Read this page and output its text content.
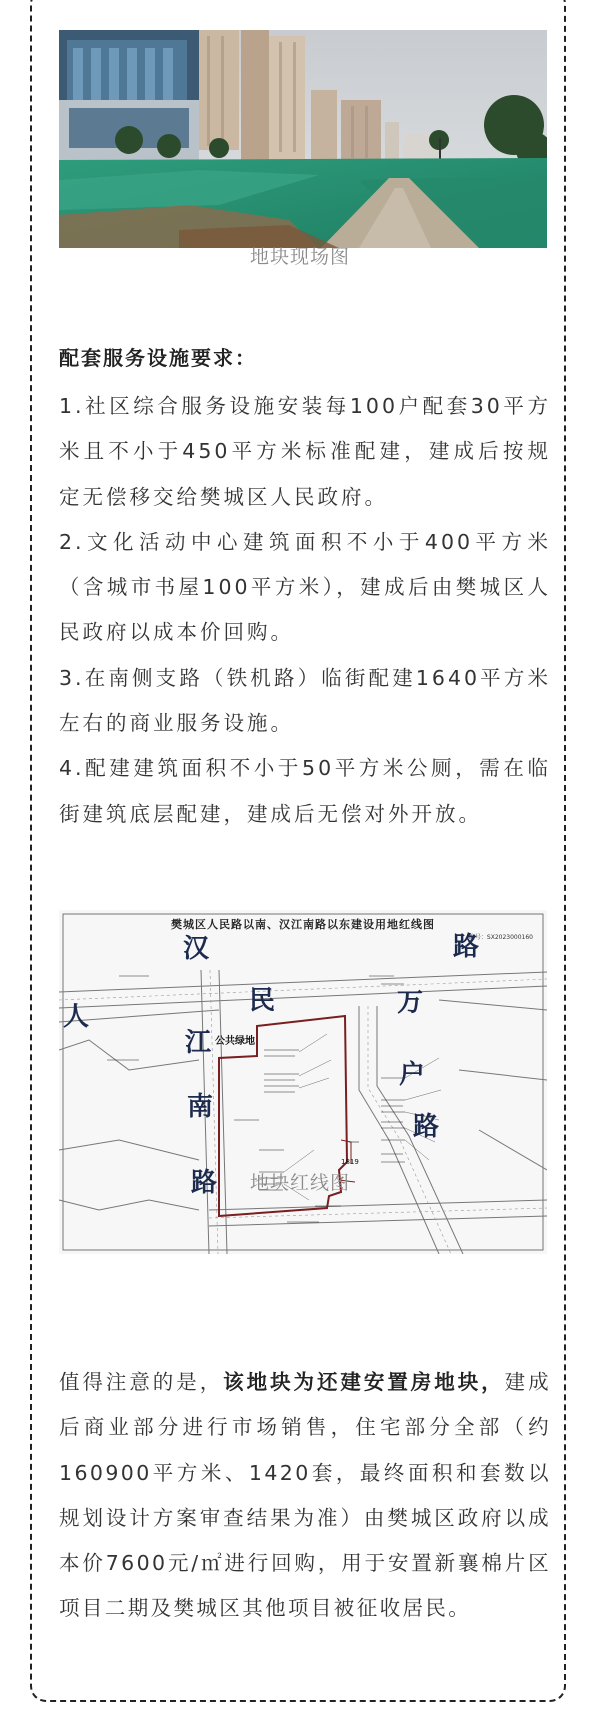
地块现场图
配套服务设施要求：

1.社区综合服务设施安装每100户配套30平方米且不小于450平方米标准配建，建成后按规定无偿移交给樊城区人民政府。

2.文化活动中心建筑面积不小于400平方米（含城市书屋100平方米），建成后由樊城区人民政府以成本价回购。

3.在南侧支路（铁机路）临街配建1640平方米左右的商业服务设施。

4.配建建筑面积不小于50平方米公厕，需在临街建筑底层配建，建成后无偿对外开放。

樊城区人民路以南、汉江南路以东建设用地红线图
编号：SX2023000160
人
民
路
汉
江
南
路
万
户
路
公共绿地
1819
地块红线图

值得注意的是，该地块为还建安置房地块，建成后商业部分进行市场销售，住宅部分全部（约160900平方米、1420套，最终面积和套数以规划设计方案审查结果为准）由樊城区政府以成本价7600元/㎡进行回购，用于安置新襄棉片区项目二期及樊城区其他项目被征收居民。
